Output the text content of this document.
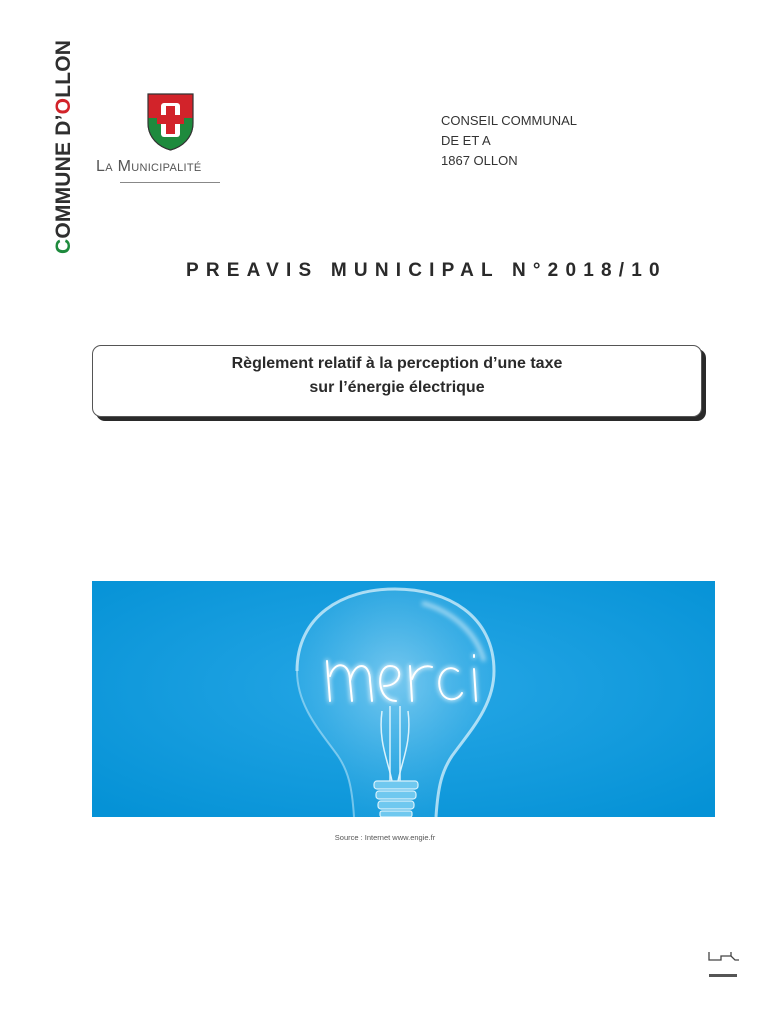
COMMUNE D’OLLON
La Municipalité
CONSEIL COMMUNAL
DE ET A
1867 OLLON
PREAVIS MUNICIPAL N°2018/10
Règlement relatif à la perception d’une taxe
sur l’énergie électrique
Source : Internet www.engie.fr
